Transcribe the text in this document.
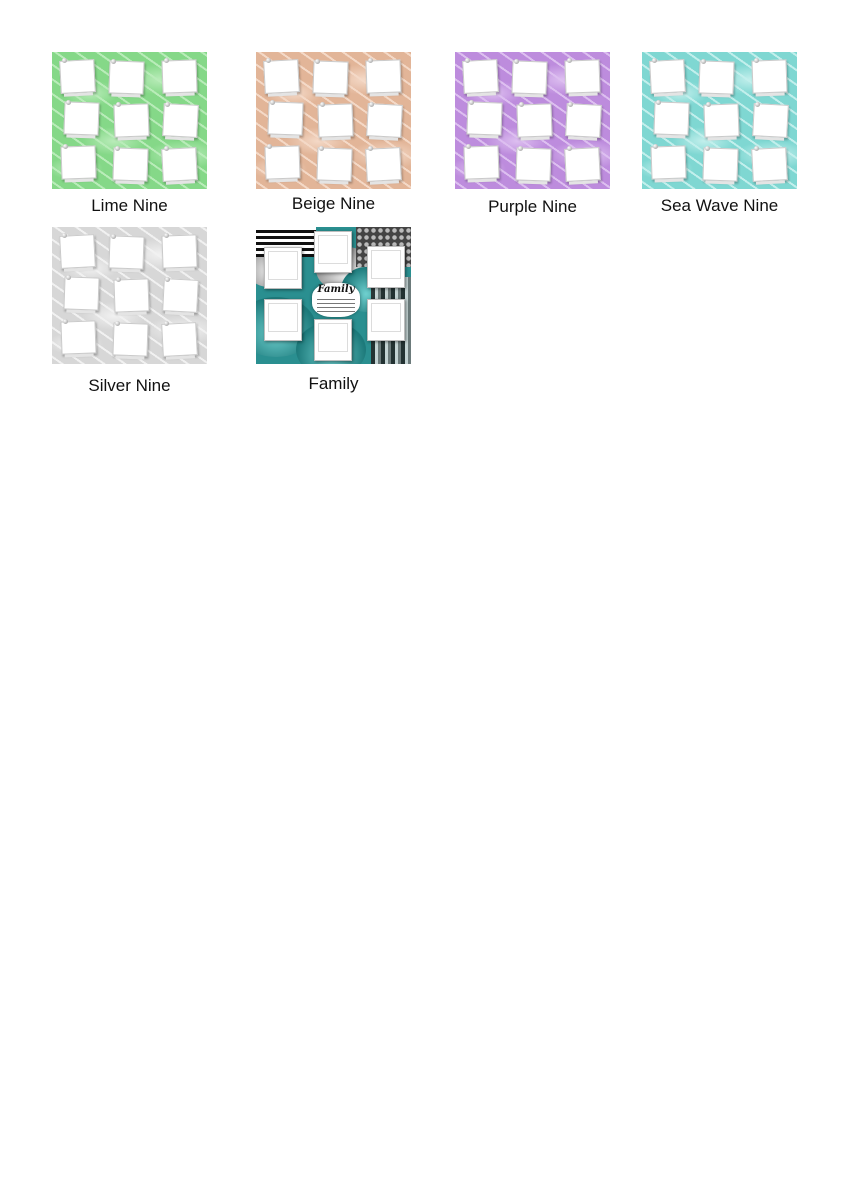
Lime Nine	Beige Nine	Purple Nine	Sea Wave Nine
Silver Nine
Family
Family
